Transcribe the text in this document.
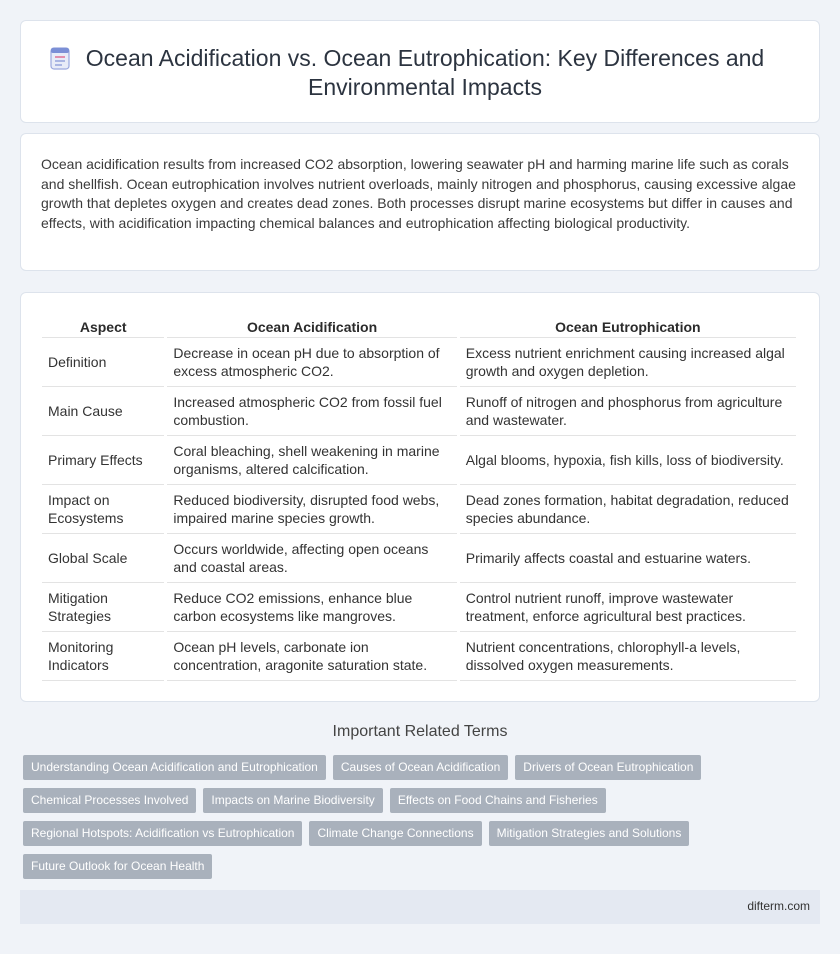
Ocean Acidification vs. Ocean Eutrophication: Key Differences and Environmental Impacts

Ocean acidification results from increased CO2 absorption, lowering seawater pH and harming marine life such as corals and shellfish. Ocean eutrophication involves nutrient overloads, mainly nitrogen and phosphorus, causing excessive algae growth that depletes oxygen and creates dead zones. Both processes disrupt marine ecosystems but differ in causes and effects, with acidification impacting chemical balances and eutrophication affecting biological productivity.

Aspect	Ocean Acidification	Ocean Eutrophication
Definition	Decrease in ocean pH due to absorption of excess atmospheric CO2.	Excess nutrient enrichment causing increased algal growth and oxygen depletion.
Main Cause	Increased atmospheric CO2 from fossil fuel combustion.	Runoff of nitrogen and phosphorus from agriculture and wastewater.
Primary Effects	Coral bleaching, shell weakening in marine organisms, altered calcification.	Algal blooms, hypoxia, fish kills, loss of biodiversity.
Impact on Ecosystems	Reduced biodiversity, disrupted food webs, impaired marine species growth.	Dead zones formation, habitat degradation, reduced species abundance.
Global Scale	Occurs worldwide, affecting open oceans and coastal areas.	Primarily affects coastal and estuarine waters.
Mitigation Strategies	Reduce CO2 emissions, enhance blue carbon ecosystems like mangroves.	Control nutrient runoff, improve wastewater treatment, enforce agricultural best practices.
Monitoring Indicators	Ocean pH levels, carbonate ion concentration, aragonite saturation state.	Nutrient concentrations, chlorophyll-a levels, dissolved oxygen measurements.
Important Related Terms
Understanding Ocean Acidification and Eutrophication	Causes of Ocean Acidification	Drivers of Ocean Eutrophication
Chemical Processes Involved	Impacts on Marine Biodiversity	Effects on Food Chains and Fisheries
Regional Hotspots: Acidification vs Eutrophication	Climate Change Connections	Mitigation Strategies and Solutions
Future Outlook for Ocean Health
difterm.com
